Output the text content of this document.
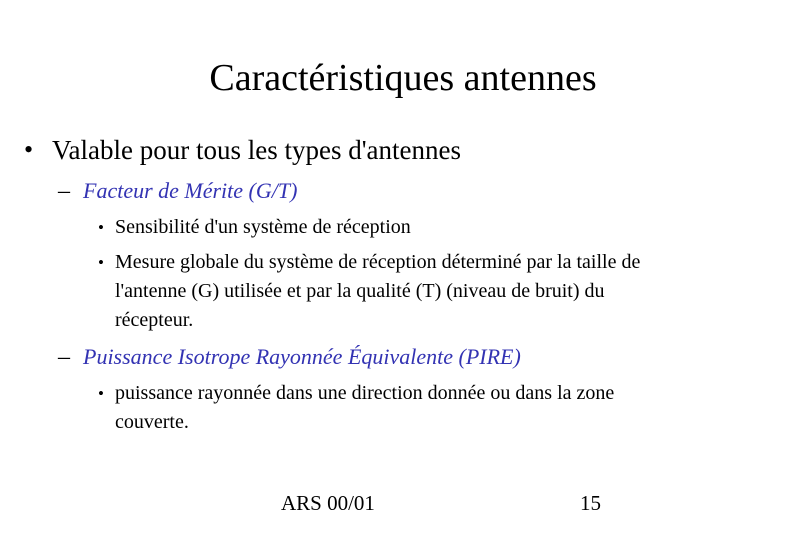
Caractéristiques antennes
• Valable pour tous les types d'antennes
– Facteur de Mérite (G/T)
• Sensibilité d'un système de réception
• Mesure globale du système de réception déterminé par la taille de
l'antenne (G) utilisée et par la qualité (T) (niveau de bruit) du
récepteur.
– Puissance Isotrope Rayonnée Équivalente (PIRE)
• puissance rayonnée dans une direction donnée ou dans la zone
couverte.
ARS 00/01	15
